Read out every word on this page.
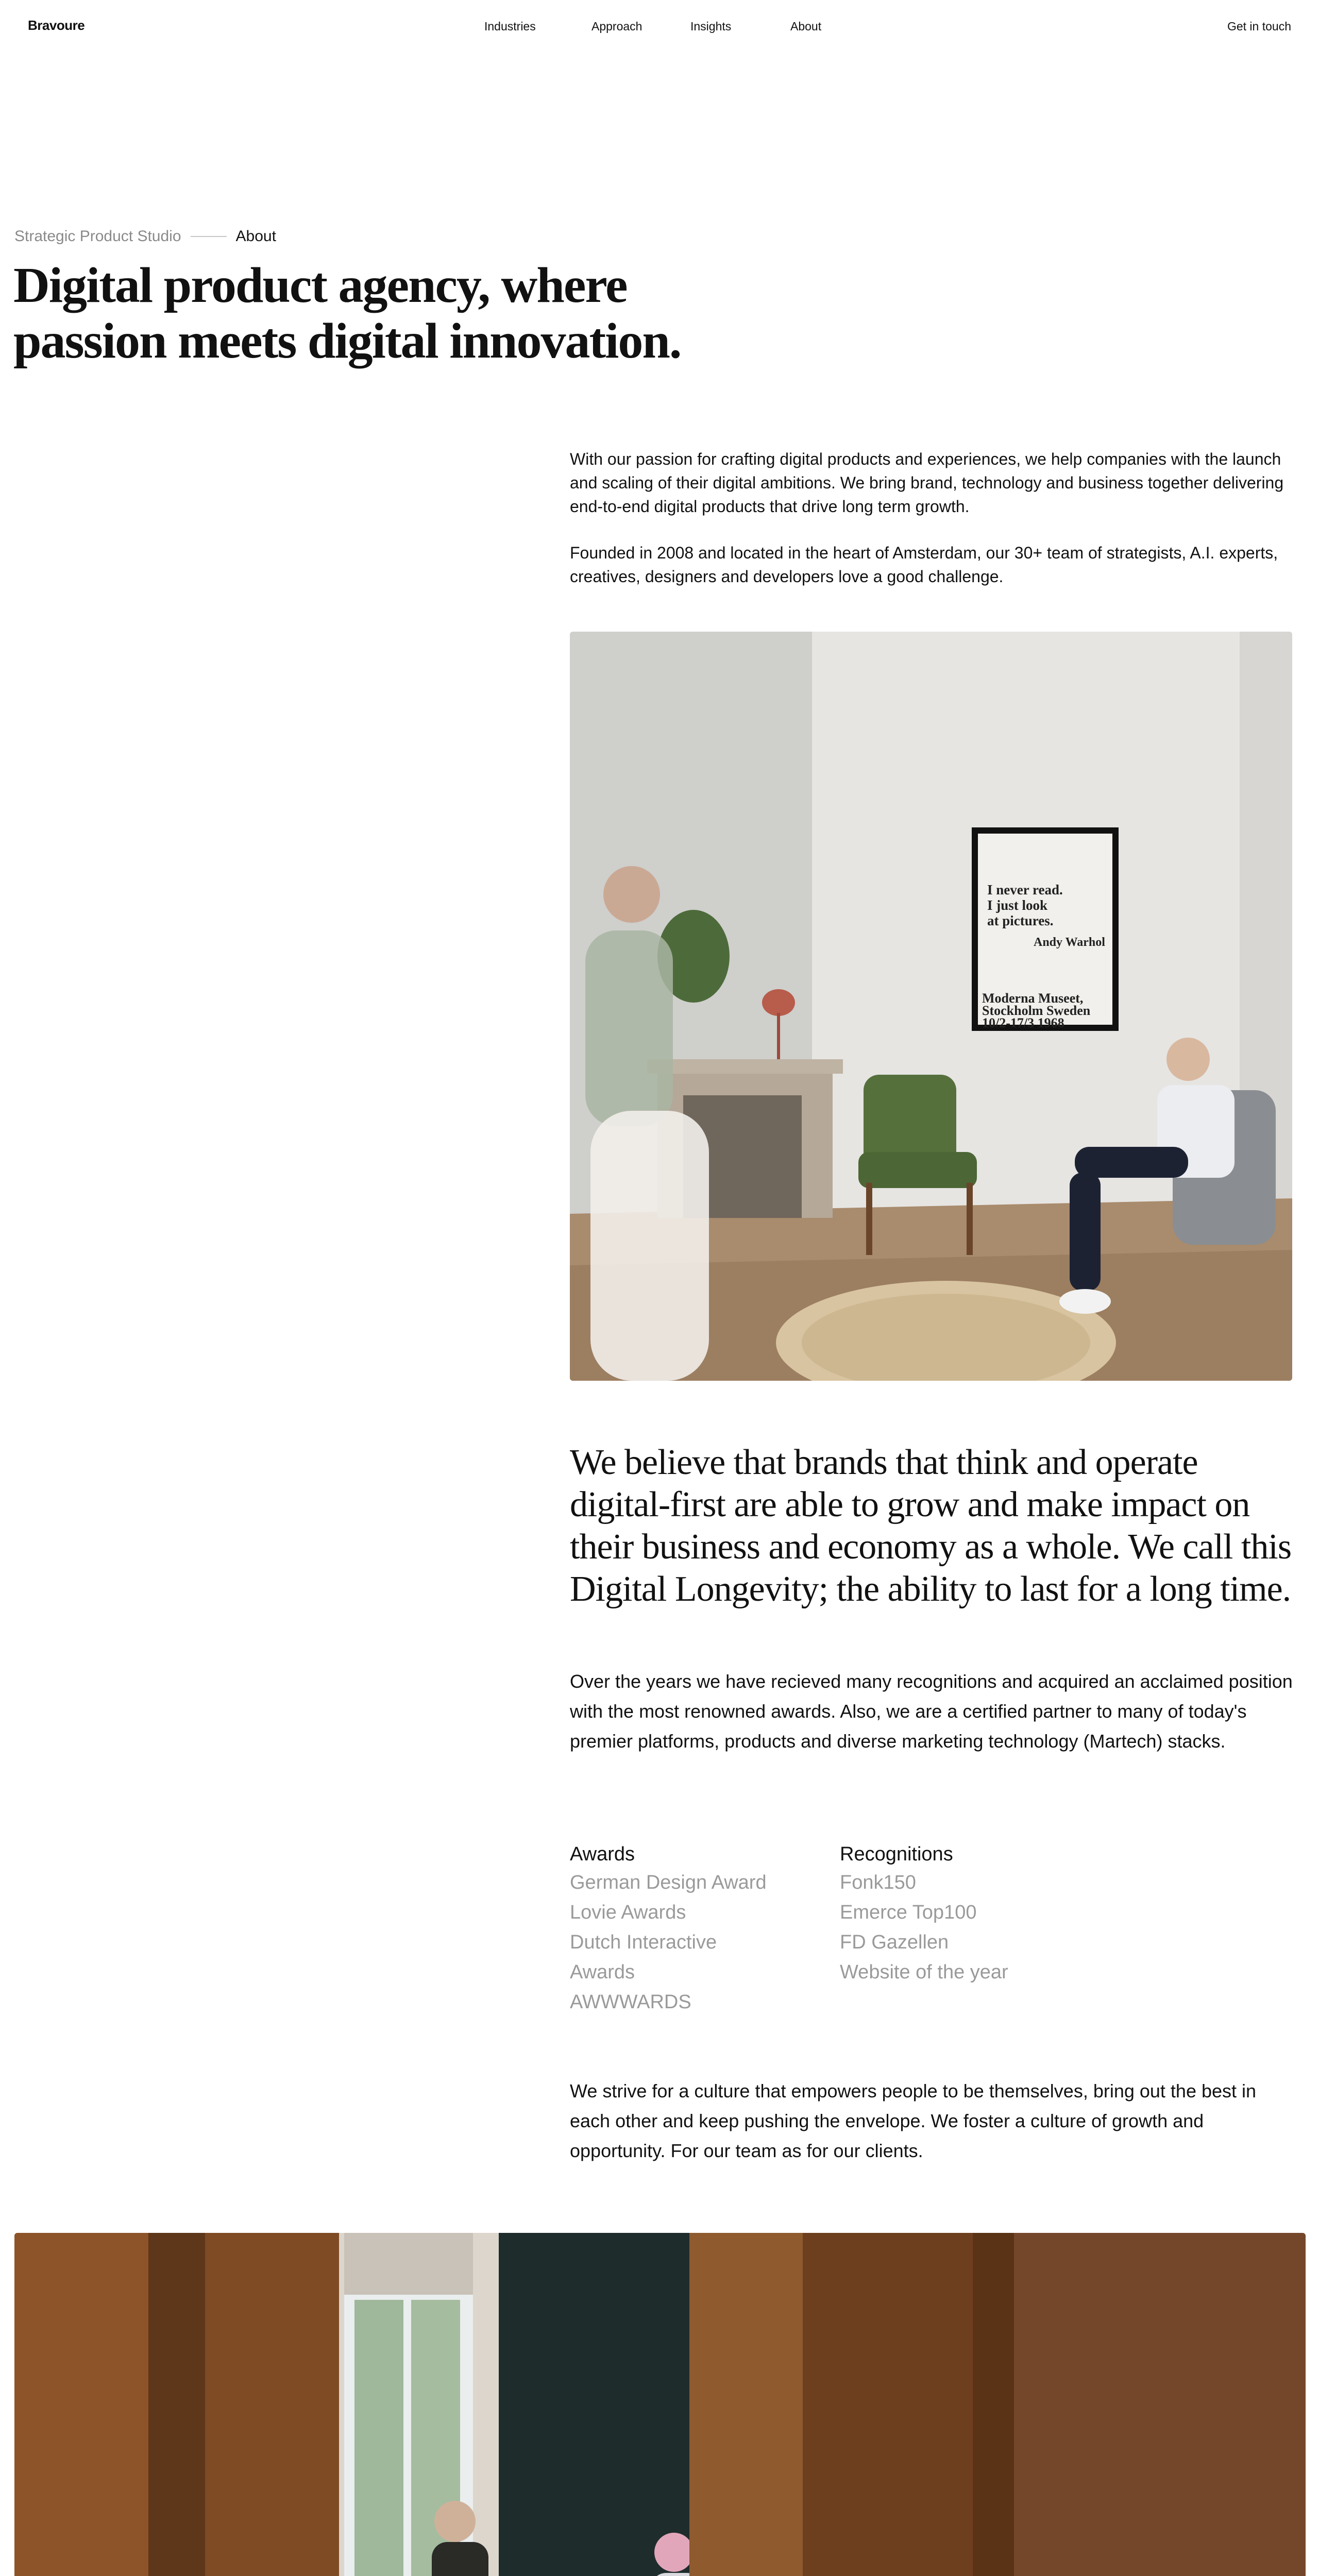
Bravoure	Industries	Approach	Insights	About	Get in touch
Strategic Product Studio	About
Digital product agency, where
passion meets digital innovation.

With our passion for crafting digital products and experiences, we help companies with the launch and scaling of their digital ambitions. We bring brand, technology and business together delivering end-to-end digital products that drive long term growth.

Founded in 2008 and located in the heart of Amsterdam, our 30+ team of strategists, A.I. experts, creatives, designers and developers love a good challenge.

I never read.
I just look
at pictures.
Andy Warhol
Moderna Museet,
Stockholm Sweden
10/2-17/3 1968

We believe that brands that think and operate digital-first are able to grow and make impact on their business and economy as a whole. We call this Digital Longevity; the ability to last for a long time.

Over the years we have recieved many recognitions and acquired an acclaimed position with the most renowned awards. Also, we are a certified partner to many of today's premier platforms, products and diverse marketing technology (Martech) stacks.

Awards
German Design Award
Lovie Awards
Dutch Interactive Awards
AWWWARDS
Recognitions
Fonk150
Emerce Top100
FD Gazellen
Website of the year

We strive for a culture that empowers people to be themselves, bring out the best in each other and keep pushing the envelope. We foster a culture of growth and opportunity. For our team as for our clients.
